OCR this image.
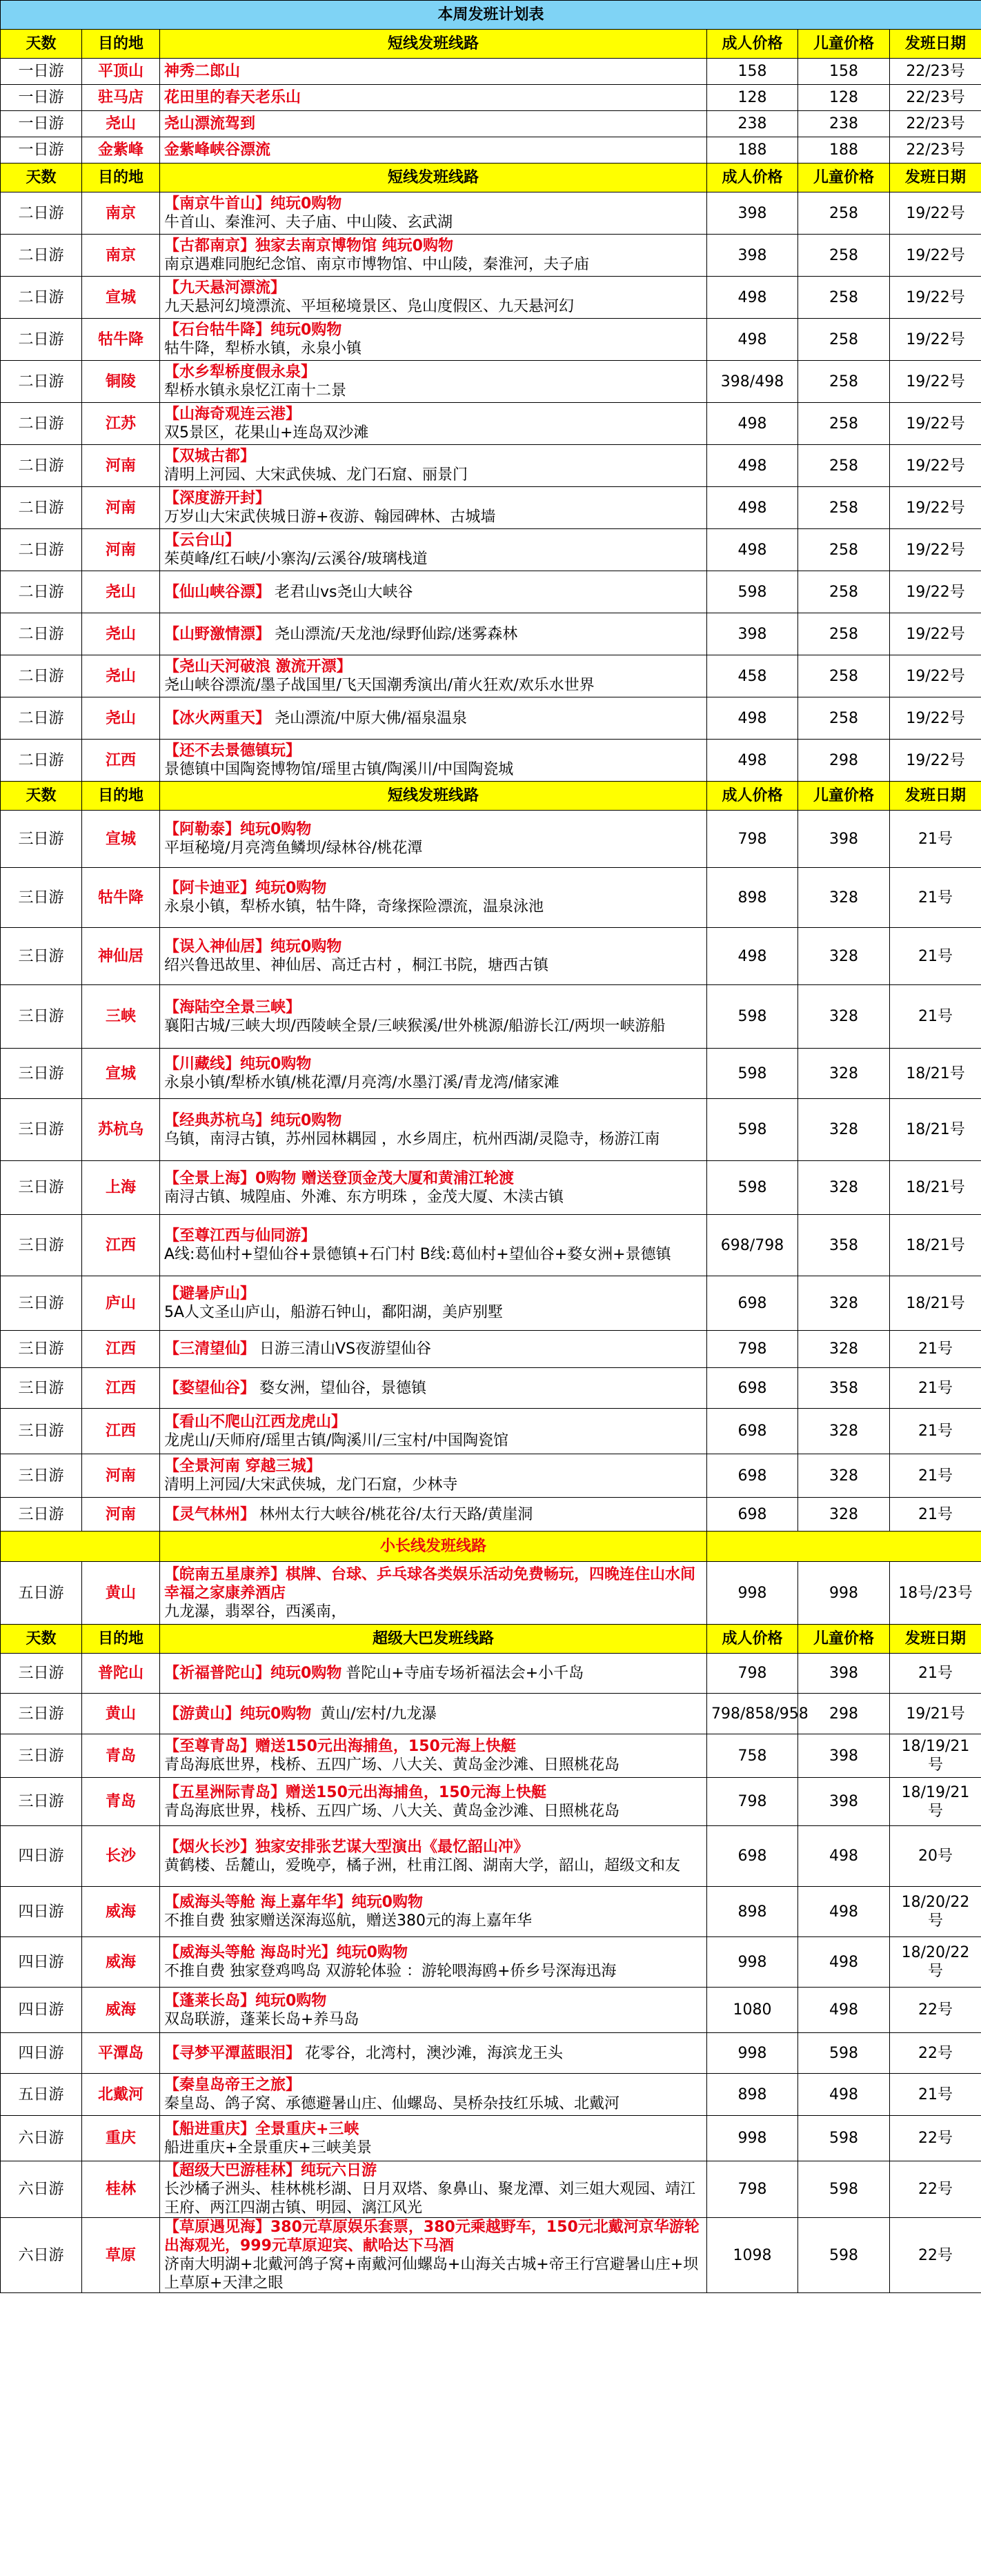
本周发班计划表					
天数	目的地	短线发班线路	成人价格	儿童价格	发班日期
一日游	平顶山	神秀二郎山	158	158	22/23号
一日游	驻马店	花田里的春天老乐山	128	128	22/23号
一日游	尧山	尧山漂流驾到	238	238	22/23号
一日游	金紫峰	金紫峰峡谷漂流	188	188	22/23号
天数	目的地	短线发班线路	成人价格	儿童价格	发班日期
二日游	南京	【南京牛首山】纯玩0购物
牛首山、秦淮河、夫子庙、中山陵、玄武湖	398	258	19/22号
二日游	南京	【古都南京】独家去南京博物馆 纯玩0购物
南京遇难同胞纪念馆、南京市博物馆、中山陵，秦淮河，夫子庙	398	258	19/22号
二日游	宣城	【九天悬河漂流】
九天悬河幻境漂流、平垣秘境景区、凫山度假区、九天悬河幻	498	258	19/22号
二日游	牯牛降	【石台牯牛降】纯玩0购物
牯牛降，犁桥水镇，永泉小镇	498	258	19/22号
二日游	铜陵	【水乡犁桥度假永泉】
犁桥水镇永泉忆江南十二景	398/498	258	19/22号
二日游	江苏	【山海奇观连云港】
双5景区，花果山+连岛双沙滩	498	258	19/22号
二日游	河南	【双城古都】
清明上河园、大宋武侠城、龙门石窟、丽景门	498	258	19/22号
二日游	河南	【深度游开封】
万岁山大宋武侠城日游+夜游、翰园碑林、古城墙	498	258	19/22号
二日游	河南	【云台山】
茱萸峰/红石峡/小寨沟/云溪谷/玻璃栈道	498	258	19/22号
二日游	尧山	【仙山峡谷漂】 老君山vs尧山大峡谷	598	258	19/22号
二日游	尧山	【山野激情漂】 尧山漂流/天龙池/绿野仙踪/迷雾森林	398	258	19/22号
二日游	尧山	【尧山天河破浪 激流开漂】
尧山峡谷漂流/墨子战国里/飞天国潮秀演出/莆火狂欢/欢乐水世界	458	258	19/22号
二日游	尧山	【冰火两重天】 尧山漂流/中原大佛/福泉温泉	498	258	19/22号
二日游	江西	【还不去景德镇玩】
景德镇中国陶瓷博物馆/瑶里古镇/陶溪川/中国陶瓷城	498	298	19/22号
天数	目的地	短线发班线路	成人价格	儿童价格	发班日期
三日游	宣城	【阿勒泰】纯玩0购物
平垣秘境/月亮湾鱼鳞坝/绿林谷/桃花潭	798	398	21号
三日游	牯牛降	【阿卡迪亚】纯玩0购物
永泉小镇，犁桥水镇，牯牛降，奇缘探险漂流，温泉泳池	898	328	21号
三日游	神仙居	【误入神仙居】纯玩0购物
绍兴鲁迅故里、神仙居、高迁古村 ，桐江书院，塘西古镇	498	328	21号
三日游	三峡	【海陆空全景三峡】
襄阳古城/三峡大坝/西陵峡全景/三峡猴溪/世外桃源/船游长江/两坝一峡游船	598	328	21号
三日游	宣城	【川藏线】纯玩0购物
永泉小镇/犁桥水镇/桃花潭/月亮湾/水墨汀溪/青龙湾/储家滩	598	328	18/21号
三日游	苏杭乌	【经典苏杭乌】纯玩0购物
乌镇，南浔古镇，苏州园林耦园 ，水乡周庄，杭州西湖/灵隐寺，杨游江南	598	328	18/21号
三日游	上海	【全景上海】0购物 赠送登顶金茂大厦和黄浦江轮渡
南浔古镇、城隍庙、外滩、东方明珠 ，金茂大厦、木渎古镇	598	328	18/21号
三日游	江西	【至尊江西与仙同游】
A线:葛仙村+望仙谷+景德镇+石门村 B线:葛仙村+望仙谷+婺女洲+景德镇	698/798	358	18/21号
三日游	庐山	【避暑庐山】
5A人文圣山庐山，船游石钟山，鄱阳湖，美庐别墅	698	328	18/21号
三日游	江西	【三清望仙】 日游三清山VS夜游望仙谷	798	328	21号
三日游	江西	【婺望仙谷】 婺女洲，望仙谷，景德镇	698	358	21号
三日游	江西	【看山不爬山江西龙虎山】
龙虎山/天师府/瑶里古镇/陶溪川/三宝村/中国陶瓷馆	698	328	21号
三日游	河南	【全景河南 穿越三城】
清明上河园/大宋武侠城，龙门石窟，少林寺	698	328	21号
三日游	河南	【灵气林州】 林州太行大峡谷/桃花谷/太行天路/黄崖洞	698	328	21号
		小长线发班线路			
五日游	黄山	【皖南五星康养】棋牌、台球、乒乓球各类娱乐活动免费畅玩，四晚连住山水间 幸福之家康养酒店
九龙瀑，翡翠谷，西溪南，	998	998	18号/23号
天数	目的地	超级大巴发班线路	成人价格	儿童价格	发班日期
三日游	普陀山	【祈福普陀山】纯玩0购物 普陀山+寺庙专场祈福法会+小千岛	798	398	21号
三日游	黄山	【游黄山】纯玩0购物 黄山/宏村/九龙瀑	798/858/958	298	19/21号
三日游	青岛	【至尊青岛】赠送150元出海捕鱼，150元海上快艇
青岛海底世界，栈桥、五四广场、八大关、黄岛金沙滩、日照桃花岛	758	398	18/19/21号
三日游	青岛	【五星洲际青岛】赠送150元出海捕鱼，150元海上快艇
青岛海底世界，栈桥、五四广场、八大关、黄岛金沙滩、日照桃花岛	798	398	18/19/21号
四日游	长沙	【烟火长沙】独家安排张艺谋大型演出《最忆韶山冲》
黄鹤楼、岳麓山，爱晚亭，橘子洲，杜甫江阁、湖南大学，韶山，超级文和友	698	498	20号
四日游	威海	【威海头等舱 海上嘉年华】纯玩0购物
不推自费 独家赠送深海巡航，赠送380元的海上嘉年华	898	498	18/20/22号
四日游	威海	【威海头等舱 海岛时光】纯玩0购物
不推自费 独家登鸡鸣岛 双游轮体验 ：游轮喂海鸥+侨乡号深海迅海	998	498	18/20/22号
四日游	威海	【蓬莱长岛】纯玩0购物
双岛联游，蓬莱长岛+养马岛	1080	498	22号
四日游	平潭岛	【寻梦平潭蓝眼泪】 花零谷，北湾村，澳沙滩，海滨龙王头	998	598	22号
五日游	北戴河	【秦皇岛帝王之旅】
秦皇岛、鸽子窝、承德避暑山庄、仙螺岛、昊桥杂技红乐城、北戴河	898	498	21号
六日游	重庆	【船进重庆】全景重庆+三峡
船进重庆+全景重庆+三峡美景	998	598	22号
六日游	桂林	【超级大巴游桂林】纯玩六日游
长沙橘子洲头、桂林桃杉湖、日月双塔、象鼻山、聚龙潭、刘三姐大观园、靖江王府、两江四湖古镇、明园、漓江风光	798	598	22号
六日游	草原	【草原遇见海】380元草原娱乐套票，380元乘越野车，150元北戴河京华游轮出海观光，999元草原迎宾、献哈达下马酒
济南大明湖+北戴河鸽子窝+南戴河仙螺岛+山海关古城+帝王行宫避暑山庄+坝上草原+天津之眼	1098	598	22号
